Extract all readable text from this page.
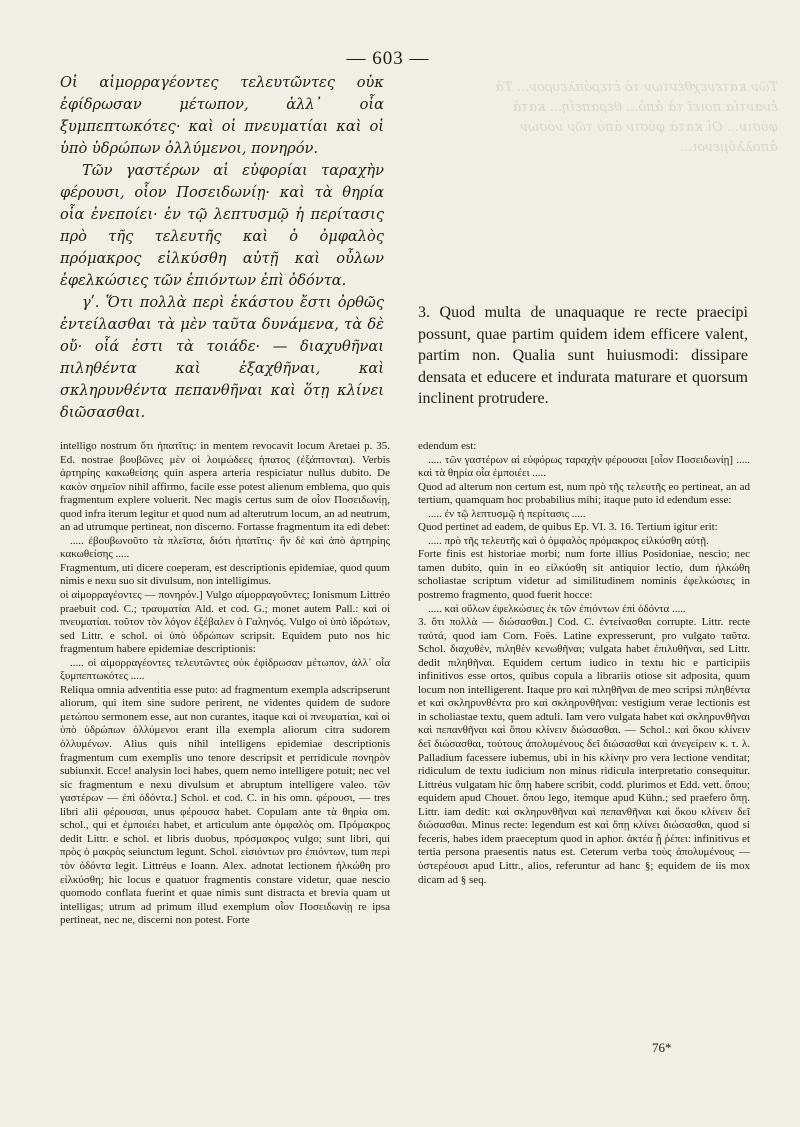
— 603 —
Τῶν κατενεχθέντων τὸ ἑτερόπλευρον... Τὰ ἐναντία ποιεῖ τὰ ἀπὸ... θεραπείη... κατὰ φύσιν... Οἱ κατὰ φύσιν ἀπὸ τῶν νόσων ἀπολλύμενοι...

Οἱ αἱμορραγέοντες τελευτῶντες οὐκ ἐφίδρωσαν μέτωπον, ἀλλ᾽ οἷα ξυμπεπτωκότες· καὶ οἱ πνευματίαι καὶ οἱ ὑπὸ ὑδρώπων ὀλλύμενοι, πονηρόν.

Τῶν γαστέρων αἱ εὐφορίαι ταραχὴν φέρουσι, οἷον Ποσειδωνίῃ· καὶ τὰ θηρία οἷα ἐνεποίει· ἐν τῷ λεπτυσμῷ ἡ περίτασις πρὸ τῆς τελευτῆς καὶ ὁ ὀμφαλὸς πρόμακρος εἰλκύσθη αὐτῇ καὶ οὖλων ἐφελκώσιες τῶν ἐπιόντων ἐπὶ ὀδόντα.

γʹ. Ὅτι πολλὰ περὶ ἑκάστου ἔστι ὀρθῶς ἐντείλασθαι τὰ μὲν ταῦτα δυνάμενα, τὰ δὲ οὔ· οἷά ἐστι τὰ τοιάδε· — διαχυθῆναι πιληθέντα καὶ ἐξαχθῆναι, καὶ σκληρυνθέντα πεπανθῆναι καὶ ὅτῃ κλίνει διῶσασθαι.

3. Quod multa de unaquaque re recte praecipi possunt, quae partim quidem idem efficere valent, partim non. Qualia sunt huiusmodi: dissipare densata et educere et indurata maturare et quorsum inclinent protrudere.

intelligo nostrum ὅτι ἡπατῖτις: in mentem revocavit locum Aretaei p. 35. Ed. nostrae βουβῶνες μὲν οἱ λοιμώδεες ἡπατος (ἐξάπτονται). Verbis ἀρτηρίης κακωθείσης quin aspera arteria respiciatur nullus dubito. De κακὸν σημεῖον nihil affirmo, facile esse potest alienum emblema, quo quis fragmentum explere voluerit. Nec magis certus sum de οἷον Ποσειδωνίῃ, quod infra iterum legitur et quod num ad alterutrum locum, an ad neutrum, an ad utrumque pertineat, non discerno. Fortasse fragmentum ita edi debet:

..... ἐβουβωνοῦτο τὰ πλεῖστα, διότι ἡπατῖτις· ἣν δὲ καὶ ἀπὸ ἀρτηρίης κακωθείσης .....

Fragmentum, uti dicere coeperam, est descriptionis epidemiae, quod quum nimis e nexu suo sit divulsum, non intelligimus.

οἱ αἱμορραγέοντες — πονηρόν.] Vulgo αἱμορραγοῦντες; Ionismum Littréo praebuit cod. C.; τραυματίαι Ald. et cod. G.; monet autem Pall.: καὶ οἱ πνευματίαι. τοῦτον τὸν λόγον ἐξέβαλεν ὁ Γαληνός. Vulgo οἱ ὑπὸ ἰδρώτων, sed Littr. e schol. οἱ ὑπὸ ὑδρώπων scripsit. Equidem puto nos hic fragmentum habere epidemiae descriptionis:

..... οἱ αἱμορραγέοντες τελευτῶντες οὐκ ἐφίδρωσαν μέτωπον, ἀλλ᾽ οἷα ξυμπεπτωκότες .....

Reliqua omnia adventitia esse puto: ad fragmentum exempla adscripserunt aliorum, qui item sine sudore perirent, ne videntes quidem de sudore μετώπου sermonem esse, aut non curantes, itaque καὶ οἱ πνευματίαι, καὶ οἱ ὑπὸ ὑδρώπων ὀλλύμενοι erant illa exempla aliorum citra sudorem ὀλλυμένων. Alius quis nihil intelligens epidemiae descriptionis fragmentum cum exemplis uno tenore descripsit et perridicule πονηρὸν subiunxit. Ecce! analysin loci habes, quem nemo intelligere potuit; nec vel sic fragmentum e nexu divulsum et abruptum intelligere valeo. τῶν γαστέρων — ἐπὶ ὀδόντα.] Schol. et cod. C. in his omn. φέρουσι, — tres libri alii φέρουσαι, unus φέρουσα habet. Copulam ante τὰ θηρία om. schol., qui et ἐμποιέει habet, et articulum ante ὀμφαλὸς om. Πρόμακρος dedit Littr. e schol. et libris duobus, πρόσμακρος vulgo; sunt libri, qui πρὸς ὁ μακρὸς seiunctum legunt. Schol. εἰσιόντων pro ἐπιόντων, tum περὶ τὸν ὀδόντα legit. Littréus e Ioann. Alex. adnotat lectionem ἠλκώθη pro εἰλκύσθη; hic locus e quatuor fragmentis constare videtur, quae nescio quomodo conflata fuerint et quae nimis sunt distracta et brevia quam ut intelligas; utrum ad primum illud exemplum οἷον Ποσειδωνίῃ re ipsa pertineat, nec ne, discerni non potest. Forte

edendum est:

..... τῶν γαστέρων αἱ εὐφόρως ταραχὴν φέρουσαι [οἷον Ποσειδωνίῃ] ..... καὶ τὰ θηρία οἷα ἐμποιέει .....

Quod ad alterum non certum est, num πρὸ τῆς τελευτῆς eo pertineat, an ad tertium, quamquam hoc probabilius mihi; itaque puto id edendum esse:

..... ἐν τῷ λεπτυσμῷ ἡ περίτασις .....

Quod pertinet ad eadem, de quibus Ep. VI. 3. 16. Tertium igitur erit:

..... πρὸ τῆς τελευτῆς καὶ ὁ ὀμφαλὸς πρόμακρος εἰλκύσθη αὐτῇ.

Forte finis est historiae morbi; num forte illius Posidoniae, nescio; nec tamen dubito, quin in eo εἰλκύσθη sit antiquior lectio, dum ἡλκώθη scholiastae scriptum videtur ad similitudinem nominis ἐφελκώσιες in postremo fragmento, quod fuerit hocce:

..... καὶ οὔλων ἐφελκώσιες ἐκ τῶν ἐπιόντων ἐπὶ ὀδόντα .....

3. ὅτι πολλὰ — διώσασθαι.] Cod. C. ἐντείνασθαι corrupte. Littr. recte ταὐτά, quod iam Corn. Foës. Latine expresserunt, pro vulgato ταῦτα. Schol. διαχυθὲν, πιληθὲν κενωθῆναι; vulgata habet ἐπιλυθῆναι, sed Littr. dedit πιληθῆναι. Equidem certum iudico in textu hic e participiis infinitivos esse ortos, quibus copula a librariis otiose sit adposita, quum locum non intelligerent. Itaque pro καὶ πιληθῆναι de meo scripsi πιληθέντα et καὶ σκληρυνθέντα pro καὶ σκληρυνθῆναι: vestigium verae lectionis est in scholiastae textu, quem adtuli. Iam vero vulgata habet καὶ σκληρυνθῆναι καὶ πεπανθῆναι καὶ ὅπου κλίνειν διώσασθαι. — Schol.: καὶ ὅκου κλίνειν δεῖ διώσασθαι, τούτους ἀπολυμένους δεῖ διώσασθαι καὶ ἀνεγείρειν κ. τ. λ. Palladium facessere iubemus, ubi in his κλίνην pro vera lectione venditat; ridiculum de textu iudicium non minus ridicula interpretatio consequitur. Littréus vulgatam hic ὅπῃ habere scribit, codd. plurimos et Edd. vett. ὅπου; equidem apud Chouet. ὅπου lego, itemque apud Kühn.; sed praefero ὅπῃ. Littr. iam dedit: καὶ σκληρυνθῆναι καὶ πεπανθῆναι καὶ ὅκου κλίνειν δεῖ διώσασθαι. Minus recte: legendum est καὶ ὅπῃ κλίνει διώσασθαι, quod si feceris, habes idem praeceptum quod in aphor. ἀκτέα ᾗ ῥέπει: infinitivus et tertia persona praesentis natus est. Ceterum verba τοὺς ἀπολυμένους — ὑστερέουσι apud Littr., alios, referuntur ad hanc §; equidem de iis mox dicam ad § seq.

76*
